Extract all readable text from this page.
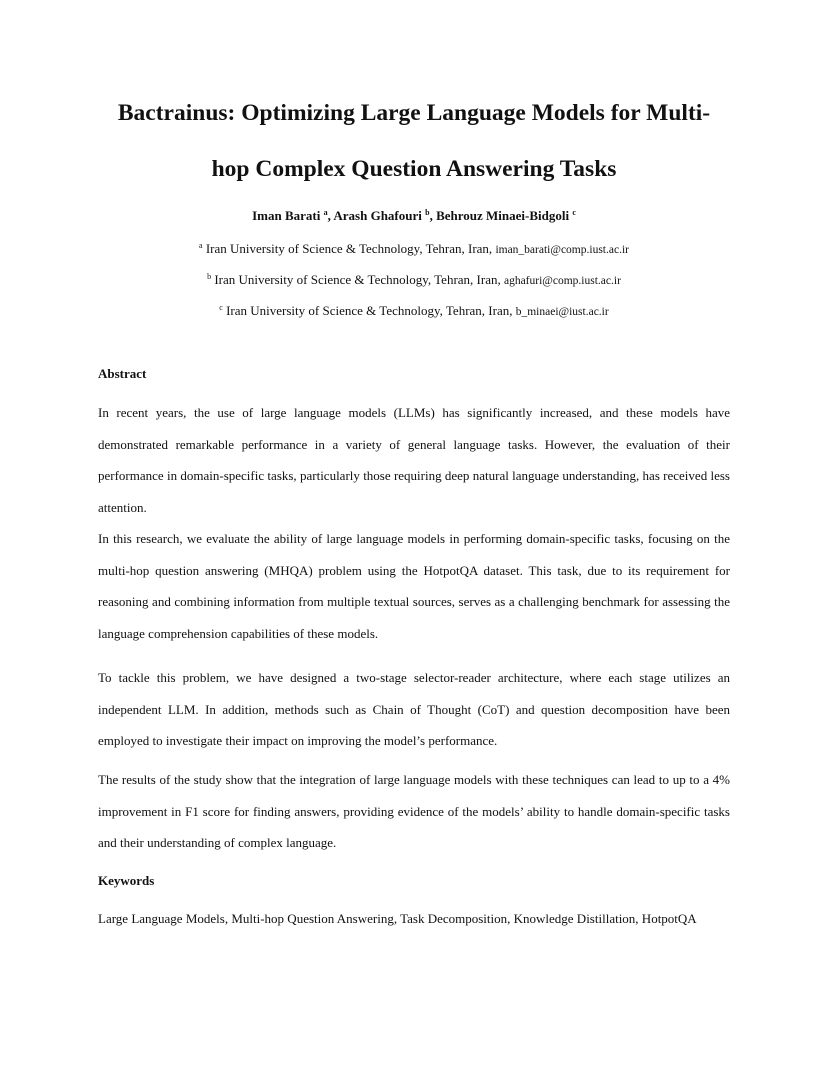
Bactrainus: Optimizing Large Language Models for Multi-
hop Complex Question Answering Tasks
Iman Barati $^a$, Arash Ghafouri $^b$, Behrouz Minaei-Bidgoli $^c$
$^a$ Iran University of Science & Technology, Tehran, Iran, iman_barati@comp.iust.ac.ir
$^b$ Iran University of Science & Technology, Tehran, Iran, aghafuri@comp.iust.ac.ir
$^c$ Iran University of Science & Technology, Tehran, Iran, b_minaei@iust.ac.ir
Abstract
In recent years, the use of large language models (LLMs) has significantly increased, and these models have demonstrated remarkable performance in a variety of general language tasks. However, the evaluation of their performance in domain-specific tasks, particularly those requiring deep natural language understanding, has received less attention.
In this research, we evaluate the ability of large language models in performing domain-specific tasks, focusing on the multi-hop question answering (MHQA) problem using the HotpotQA dataset. This task, due to its requirement for reasoning and combining information from multiple textual sources, serves as a challenging benchmark for assessing the language comprehension capabilities of these models.
To tackle this problem, we have designed a two-stage selector-reader architecture, where each stage utilizes an independent LLM. In addition, methods such as Chain of Thought (CoT) and question decomposition have been employed to investigate their impact on improving the model’s performance.
The results of the study show that the integration of large language models with these techniques can lead to up to a 4% improvement in F1 score for finding answers, providing evidence of the models’ ability to handle domain-specific tasks and their understanding of complex language.
Keywords
Large Language Models, Multi-hop Question Answering, Task Decomposition, Knowledge Distillation, HotpotQA
